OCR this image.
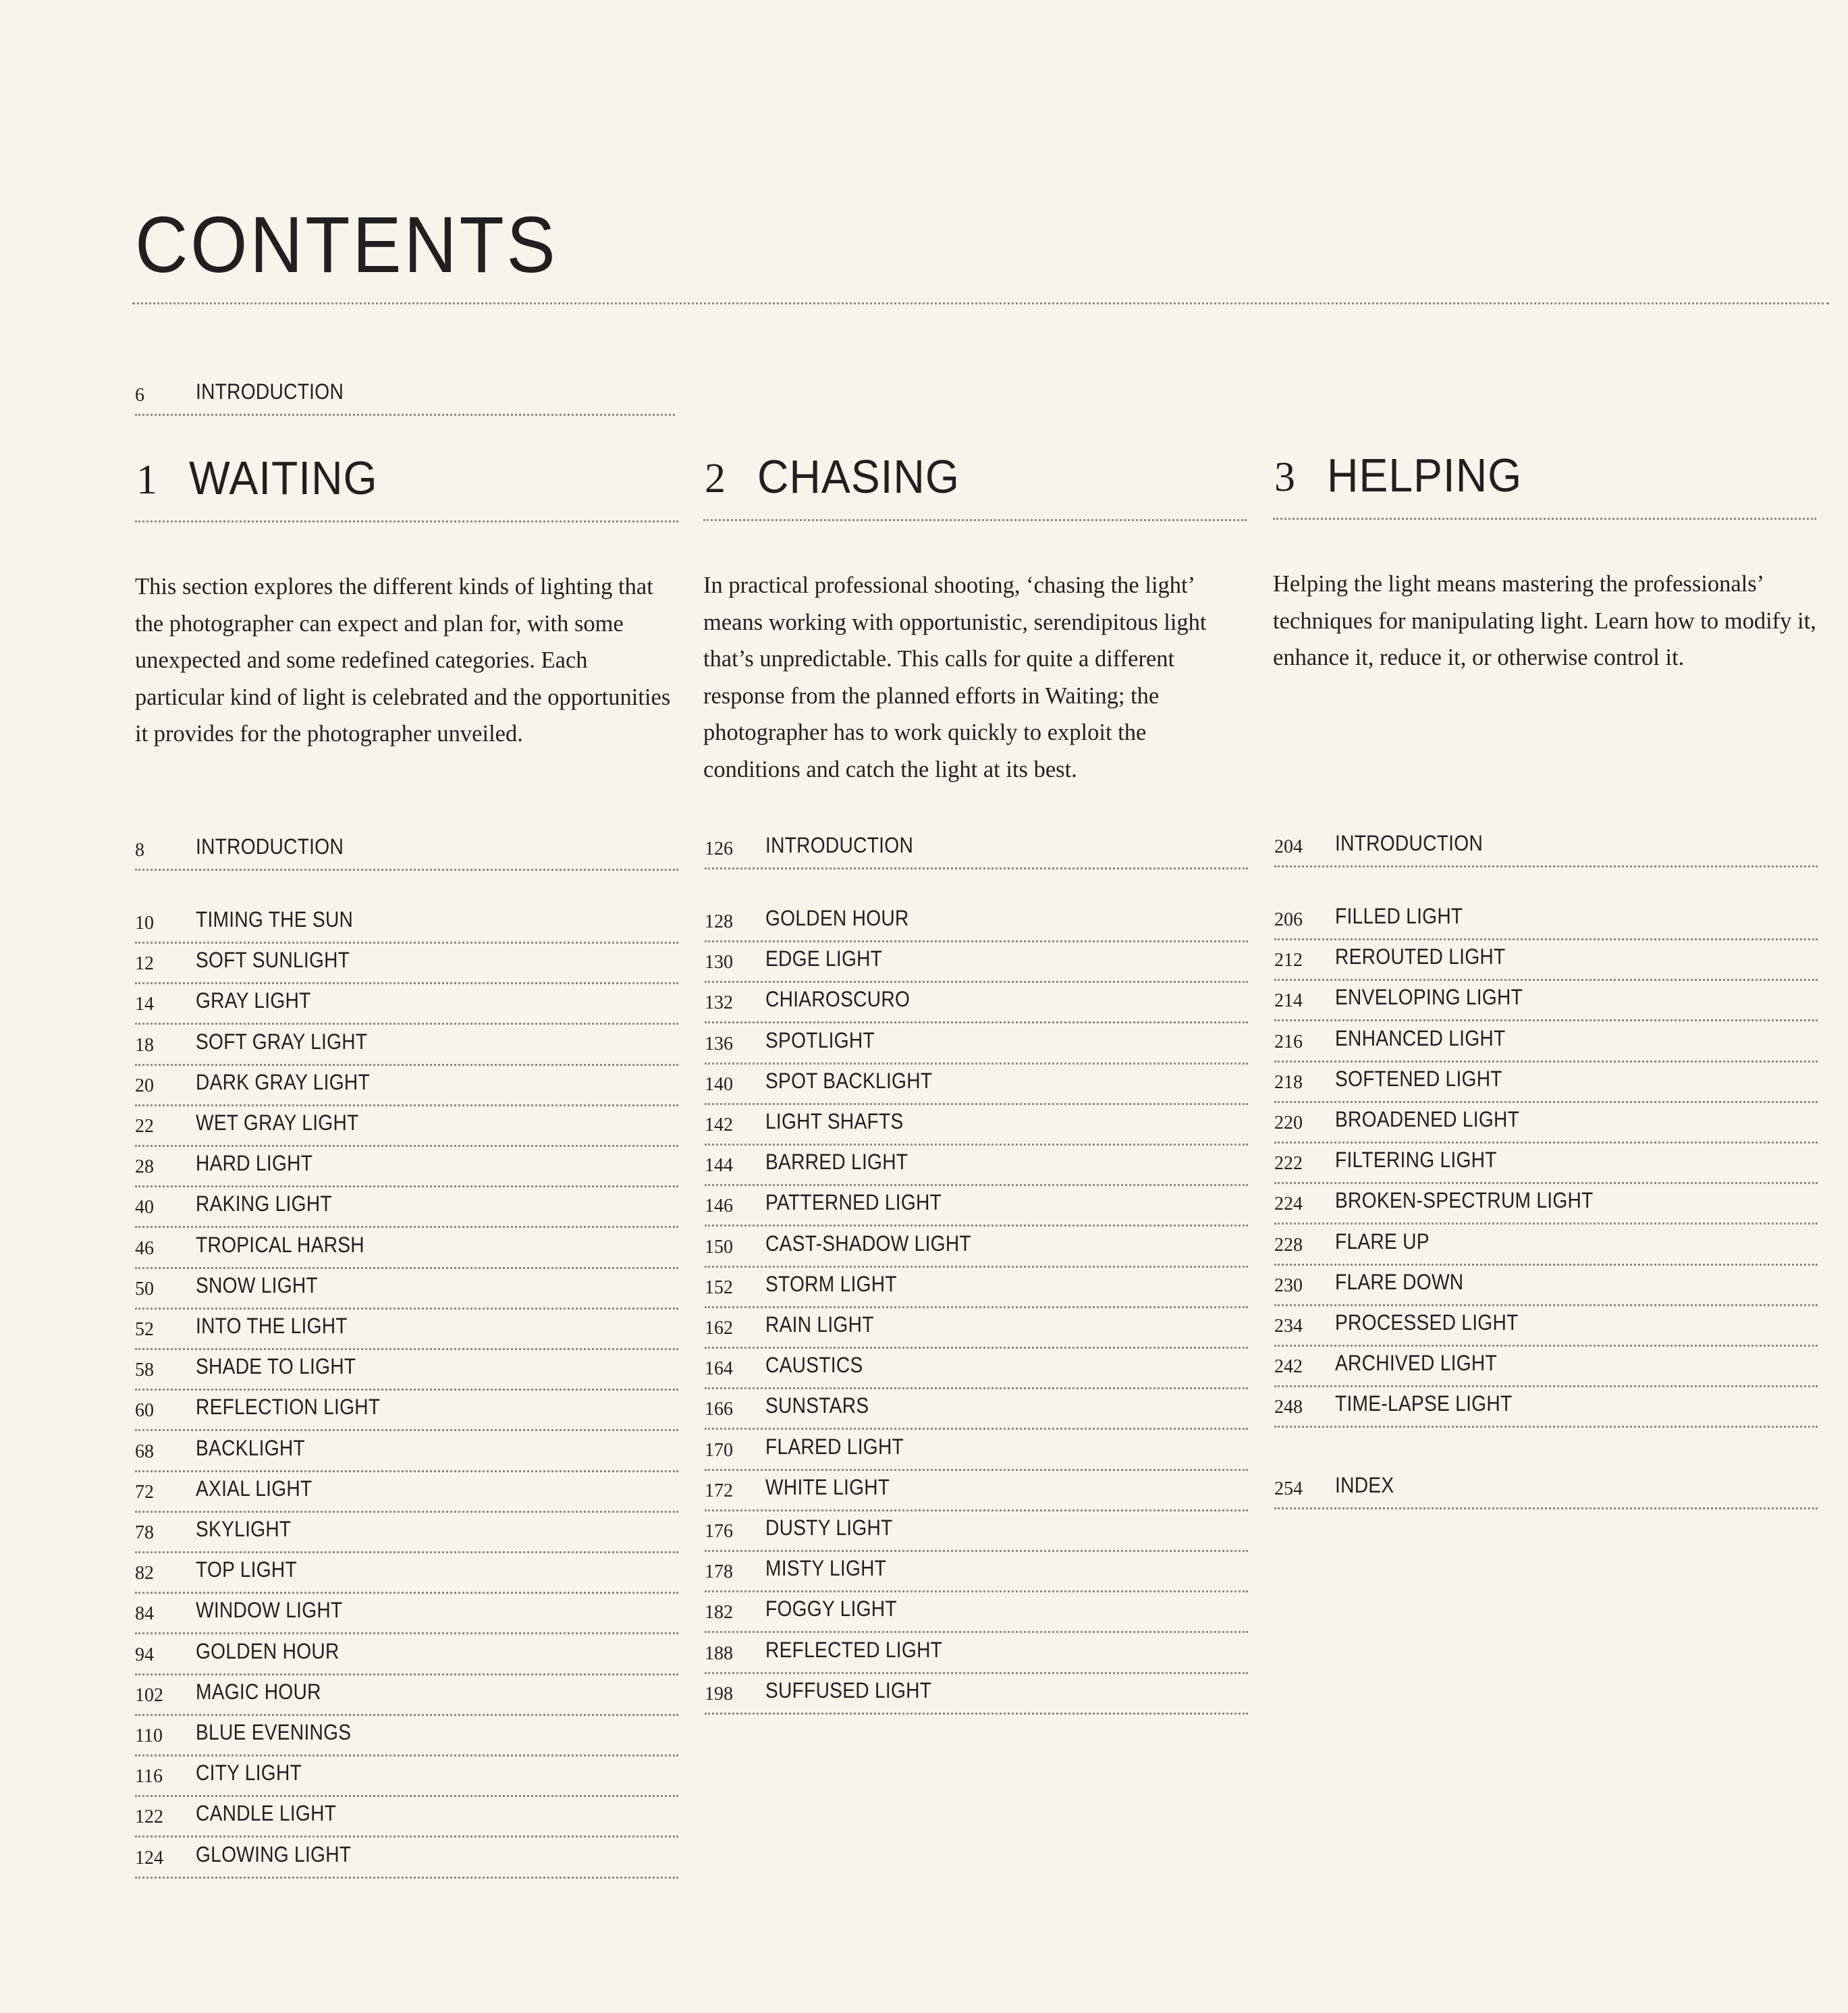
CONTENTS
6 INTRODUCTION
1 WAITING

This section explores the different kinds of lighting that the photographer can expect and plan for, with some unexpected and some redefined categories. Each particular kind of light is celebrated and the opportunities it provides for the photographer unveiled.

8 INTRODUCTION
10 TIMING THE SUN
12 SOFT SUNLIGHT
14 GRAY LIGHT
18 SOFT GRAY LIGHT
20 DARK GRAY LIGHT
22 WET GRAY LIGHT
28 HARD LIGHT
40 RAKING LIGHT
46 TROPICAL HARSH
50 SNOW LIGHT
52 INTO THE LIGHT
58 SHADE TO LIGHT
60 REFLECTION LIGHT
68 BACKLIGHT
72 AXIAL LIGHT
78 SKYLIGHT
82 TOP LIGHT
84 WINDOW LIGHT
94 GOLDEN HOUR
102 MAGIC HOUR
110 BLUE EVENINGS
116 CITY LIGHT
122 CANDLE LIGHT
124 GLOWING LIGHT
2 CHASING

In practical professional shooting, ‘chasing the light’ means working with opportunistic, serendipitous light that’s unpredictable. This calls for quite a different response from the planned efforts in Waiting; the photographer has to work quickly to exploit the conditions and catch the light at its best.

126 INTRODUCTION
128 GOLDEN HOUR
130 EDGE LIGHT
132 CHIAROSCURO
136 SPOTLIGHT
140 SPOT BACKLIGHT
142 LIGHT SHAFTS
144 BARRED LIGHT
146 PATTERNED LIGHT
150 CAST-SHADOW LIGHT
152 STORM LIGHT
162 RAIN LIGHT
164 CAUSTICS
166 SUNSTARS
170 FLARED LIGHT
172 WHITE LIGHT
176 DUSTY LIGHT
178 MISTY LIGHT
182 FOGGY LIGHT
188 REFLECTED LIGHT
198 SUFFUSED LIGHT
3 HELPING

Helping the light means mastering the professionals’ techniques for manipulating light. Learn how to modify it, enhance it, reduce it, or otherwise control it.

204 INTRODUCTION
206 FILLED LIGHT
212 REROUTED LIGHT
214 ENVELOPING LIGHT
216 ENHANCED LIGHT
218 SOFTENED LIGHT
220 BROADENED LIGHT
222 FILTERING LIGHT
224 BROKEN-SPECTRUM LIGHT
228 FLARE UP
230 FLARE DOWN
234 PROCESSED LIGHT
242 ARCHIVED LIGHT
248 TIME-LAPSE LIGHT
254 INDEX
